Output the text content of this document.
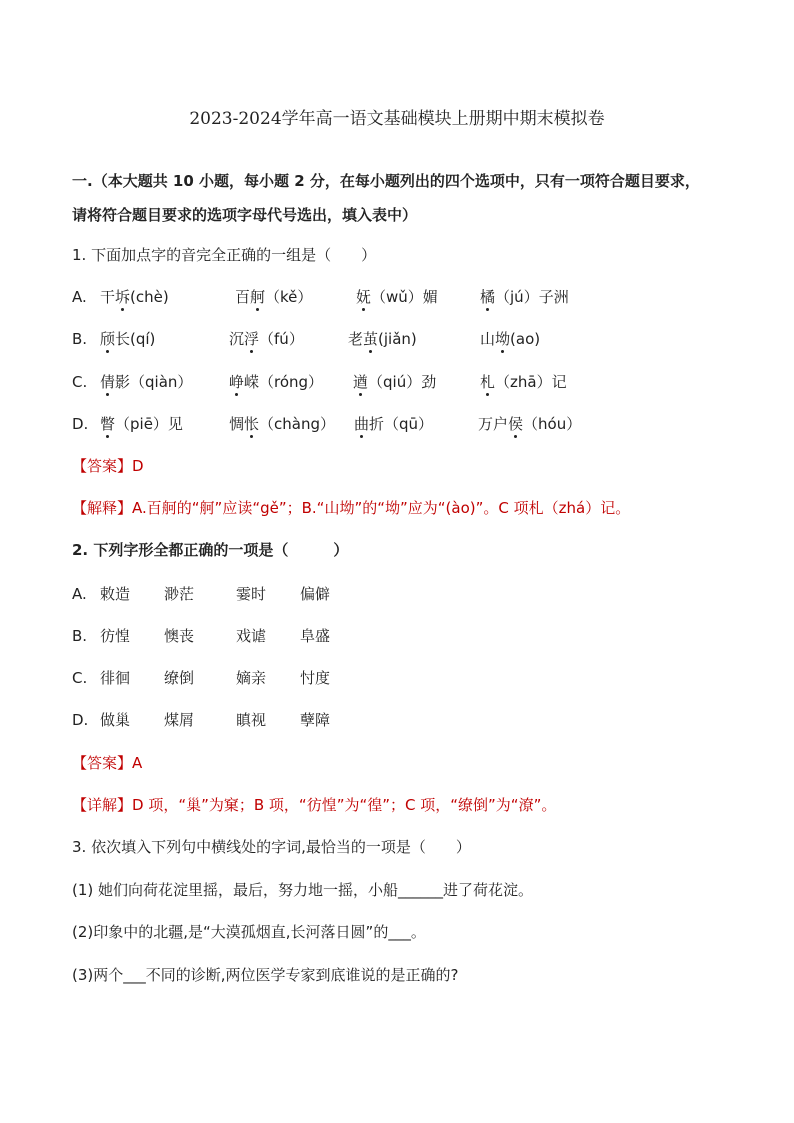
2023-2024学年高一语文基础模块上册期中期末模拟卷
一.（本大题共 10 小题，每小题 2 分，在每小题列出的四个选项中，只有一项符合题目要求，
请将符合题目要求的选项字母代号选出，填入表中）
1. 下面加点字的音完全正确的一组是（　　）
A. 干坼(chè)	百舸（kě）	妩（wǔ）媚	橘（jú）子洲
B. 颀长(qí)	沉浮（fú）	老茧(jiǎn)	山坳(ao)
C. 倩影（qiàn） 峥嵘（róng） 遒（qiú）劲	札（zhā）记
D. 瞥（piē）见	惆怅（chàng） 曲折（qū）	万户侯（hóu）
【答案】D
【解释】A.百舸的“舸”应读“gě”；B.“山坳”的“坳”应为“(ào)”。C 项札（zhá）记。
2. 下列字形全都正确的一项是（　　　）
A. 敕造 渺茫	霎时 偏僻
B. 彷惶 懊丧	戏谑 阜盛
C. 徘徊 缭倒	嫡亲 忖度
D. 做巢 煤屑	瞋视 孽障
【答案】A
【详解】D 项，“巢”为窠；B 项，“彷惶”为“徨”；C 项，“缭倒”为“潦”。
3. 依次填入下列句中横线处的字词,最恰当的一项是（　　）
(1) 她们向荷花淀里摇，最后，努力地一摇，小船______进了荷花淀。
(2)印象中的北疆,是“大漠孤烟直,长河落日圆”的___。
(3)两个___不同的诊断,两位医学专家到底谁说的是正确的?
